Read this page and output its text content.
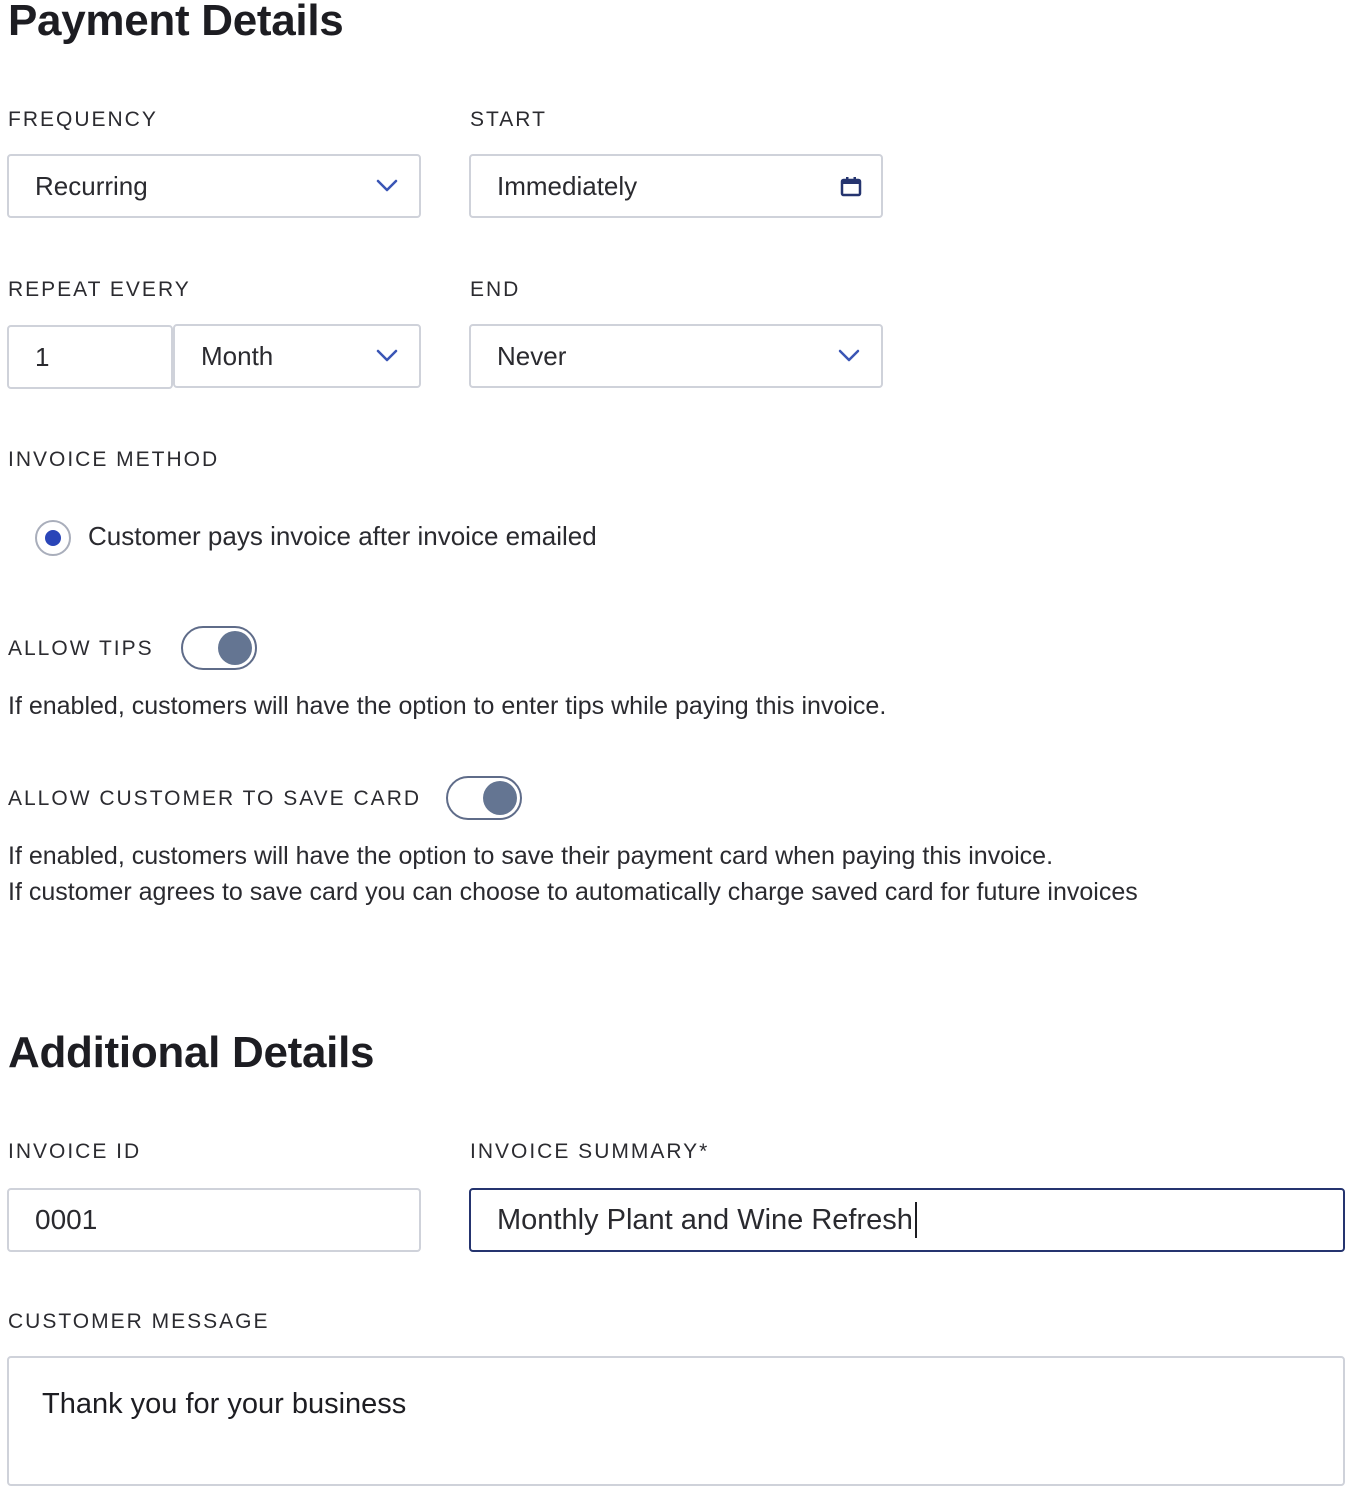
Payment Details
FREQUENCY
Recurring
START
Immediately
REPEAT EVERY
1	Month
END
Never
INVOICE METHOD
Customer pays invoice after invoice emailed
ALLOW TIPS
If enabled, customers will have the option to enter tips while paying this invoice.
ALLOW CUSTOMER TO SAVE CARD
If enabled, customers will have the option to save their payment card when paying this invoice.
If customer agrees to save card you can choose to automatically charge saved card for future invoices
Additional Details
INVOICE ID
0001
INVOICE SUMMARY*
Monthly Plant and Wine Refresh
CUSTOMER MESSAGE
Thank you for your business
